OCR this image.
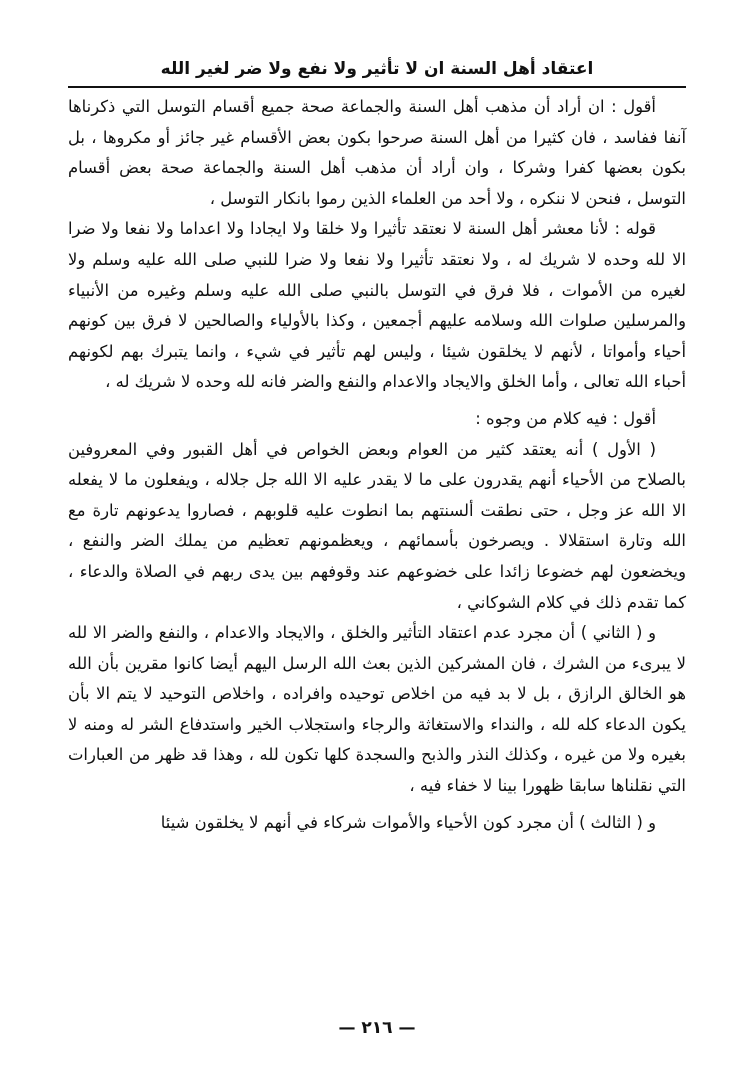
اعتقاد أهل السنة ان لا تأثير ولا نفع ولا ضر لغير الله

أقول : ان أراد أن مذهب أهل السنة والجماعة صحة جميع أقسام التوسل التي ذكرناها آنفا ففاسد ، فان كثيرا من أهل السنة صرحوا بكون بعض الأقسام غير جائز أو مكروها ، بل بكون بعضها كفرا وشركا ، وان أراد أن مذهب أهل السنة والجماعة صحة بعض أقسام التوسل ، فنحن لا ننكره ، ولا أحد من العلماء الذين رموا بانكار التوسل ،

قوله : لأنا معشر أهل السنة لا نعتقد تأثيرا ولا خلقا ولا ايجادا ولا اعداما ولا نفعا ولا ضرا الا لله وحده لا شريك له ، ولا نعتقد تأثيرا ولا نفعا ولا ضرا للنبي صلى الله عليه وسلم ولا لغيره من الأموات ، فلا فرق في التوسل بالنبي صلى الله عليه وسلم وغيره من الأنبياء والمرسلين صلوات الله وسلامه عليهم أجمعين ، وكذا بالأولياء والصالحين لا فرق بين كونهم أحياء وأمواتا ، لأنهم لا يخلقون شيئا ، وليس لهم تأثير في شيء ، وانما يتبرك بهم لكونهم أحباء الله تعالى ، وأما الخلق والايجاد والاعدام والنفع والضر فانه لله وحده لا شريك له ،

أقول : فيه كلام من وجوه :

( الأول ) أنه يعتقد كثير من العوام وبعض الخواص في أهل القبور وفي المعروفين بالصلاح من الأحياء أنهم يقدرون على ما لا يقدر عليه الا الله جل جلاله ، ويفعلون ما لا يفعله الا الله عز وجل ، حتى نطقت ألسنتهم بما انطوت عليه قلوبهم ، فصاروا يدعونهم تارة مع الله وتارة استقلالا . ويصرخون بأسمائهم ، ويعظمونهم تعظيم من يملك الضر والنفع ، ويخضعون لهم خضوعا زائدا على خضوعهم عند وقوفهم بين يدى ربهم في الصلاة والدعاء ، كما تقدم ذلك في كلام الشوكاني ،

و ( الثاني ) أن مجرد عدم اعتقاد التأثير والخلق ، والايجاد والاعدام ، والنفع والضر الا لله لا يبرىء من الشرك ، فان المشركين الذين بعث الله الرسل اليهم أيضا كانوا مقرين بأن الله هو الخالق الرازق ، بل لا بد فيه من اخلاص توحيده وافراده ، واخلاص التوحيد لا يتم الا بأن يكون الدعاء كله لله ، والنداء والاستغاثة والرجاء واستجلاب الخير واستدفاع الشر له ومنه لا بغيره ولا من غيره ، وكذلك النذر والذبح والسجدة كلها تكون لله ، وهذا قد ظهر من العبارات التي نقلناها سابقا ظهورا بينا لا خفاء فيه ،

و ( الثالث ) أن مجرد كون الأحياء والأموات شركاء في أنهم لا يخلقون شيئا

— ٢١٦ —
